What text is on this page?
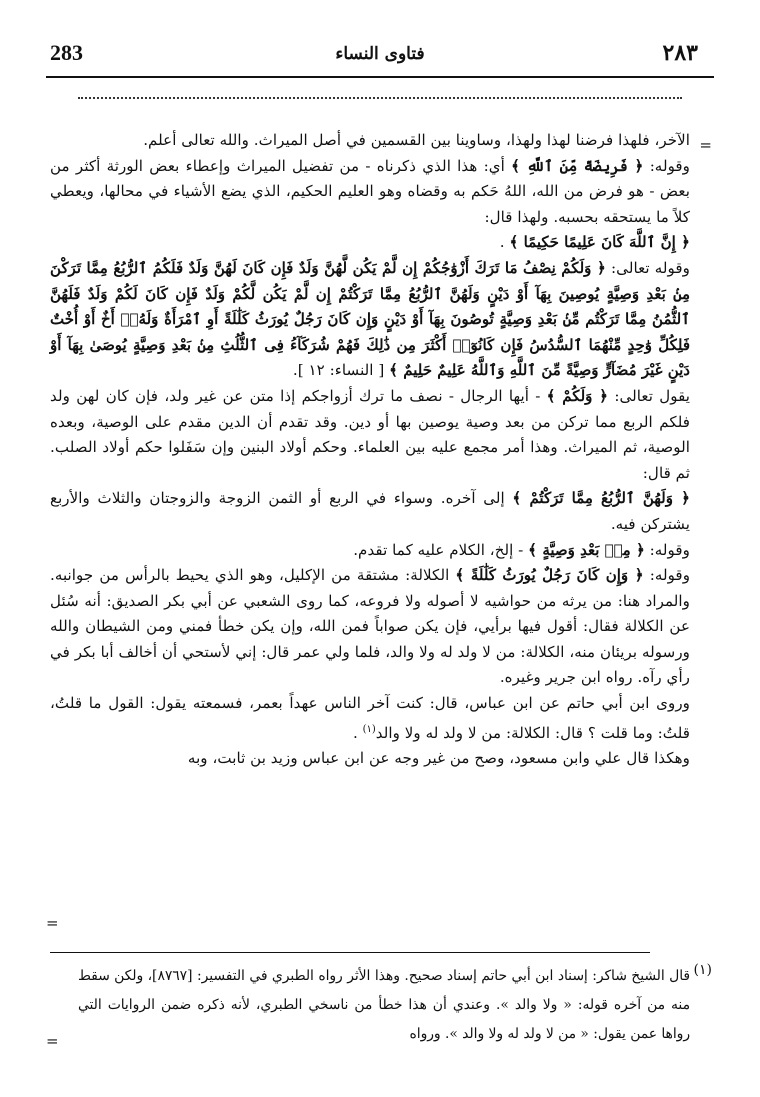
283	فتاوى النساء	٢٨٣
=

الآخر، فلهذا فرضنا لهذا ولهذا، وساوينا بين القسمين في أصل الميراث. والله تعالى أعلم.

وقوله: ﴿ فَرِيضَةً مِّنَ ٱللَّهِ ﴾ أي: هذا الذي ذكرناه - من تفضيل الميراث وإعطاء بعض الورثة أكثر من بعض - هو فرض من الله، اللهُ حَكم به وقضاه وهو العليم الحكيم، الذي يضع الأشياء في محالها، ويعطي كلاً ما يستحقه بحسبه. ولهذا قال:

﴿ إِنَّ ٱللَّهَ كَانَ عَلِيمًا حَكِيمًا ﴾ .

وقوله تعالى: ﴿ وَلَكُمْ نِصْفُ مَا تَرَكَ أَزْوَٰجُكُمْ إِن لَّمْ يَكُن لَّهُنَّ وَلَدٌ فَإِن كَانَ لَهُنَّ وَلَدٌ فَلَكُمُ ٱلرُّبُعُ مِمَّا تَرَكْنَ مِنۢ بَعْدِ وَصِيَّةٍ يُوصِينَ بِهَآ أَوْ دَيْنٍ وَلَهُنَّ ٱلرُّبُعُ مِمَّا تَرَكْتُمْ إِن لَّمْ يَكُن لَّكُمْ وَلَدٌ فَإِن كَانَ لَكُمْ وَلَدٌ فَلَهُنَّ ٱلثُّمُنُ مِمَّا تَرَكْتُم مِّنۢ بَعْدِ وَصِيَّةٍ تُوصُونَ بِهَآ أَوْ دَيْنٍ وَإِن كَانَ رَجُلٌ يُورَثُ كَلَٰلَةً أَوِ ٱمْرَأَةٌ وَلَهُۥٓ أَخٌ أَوْ أُخْتٌ فَلِكُلِّ وَٰحِدٍ مِّنْهُمَا ٱلسُّدُسُ فَإِن كَانُوٓا۟ أَكْثَرَ مِن ذَٰلِكَ فَهُمْ شُرَكَآءُ فِى ٱلثُّلُثِ مِنۢ بَعْدِ وَصِيَّةٍ يُوصَىٰ بِهَآ أَوْ دَيْنٍ غَيْرَ مُضَآرٍّ وَصِيَّةً مِّنَ ٱللَّهِ وَٱللَّهُ عَلِيمٌ حَلِيمٌ ﴾ [ النساء: ١٢ ].

يقول تعالى: ﴿ وَلَكُمْ ﴾ - أيها الرجال - نصف ما ترك أزواجكم إذا متن عن غير ولد، فإن كان لهن ولد فلكم الربع مما تركن من بعد وصية يوصين بها أو دين. وقد تقدم أن الدين مقدم على الوصية، وبعده الوصية، ثم الميراث. وهذا أمر مجمع عليه بين العلماء. وحكم أولاد البنين وإن سَفَلوا حكم أولاد الصلب. ثم قال:

﴿ وَلَهُنَّ ٱلرُّبُعُ مِمَّا تَرَكْتُمْ ﴾ إلى آخره. وسواء في الربع أو الثمن الزوجة والزوجتان والثلاث والأربع يشتركن فيه.

وقوله: ﴿ مِنۢ بَعْدِ وَصِيَّةٍ ﴾ - إلخ، الكلام عليه كما تقدم.

وقوله: ﴿ وَإِن كَانَ رَجُلٌ يُورَثُ كَلَٰلَةً ﴾ الكلالة: مشتقة من الإكليل، وهو الذي يحيط بالرأس من جوانبه. والمراد هنا: من يرثه من حواشيه لا أصوله ولا فروعه، كما روى الشعبي عن أبي بكر الصديق: أنه سُئل عن الكلالة فقال: أقول فيها برأيي، فإن يكن صواباً فمن الله، وإن يكن خطأ فمني ومن الشيطان والله ورسوله بريئان منه، الكلالة: من لا ولد له ولا والد، فلما ولي عمر قال: إني لأستحي أن أخالف أبا بكر في رأي رآه. رواه ابن جرير وغيره.

وروى ابن أبي حاتم عن ابن عباس، قال: كنت آخر الناس عهداً بعمر، فسمعته يقول: القول ما قلتُ، قلتُ: وما قلت ؟ قال: الكلالة: من لا ولد له ولا والد$^{(١)}$ .

وهكذا قال علي وابن مسعود، وصح من غير وجه عن ابن عباس وزيد بن ثابت، وبه

=
(١)
قال الشيخ شاكر: إسناد ابن أبي حاتم إسناد صحيح. وهذا الأثر رواه الطبري في التفسير: [٨٧٦٧]، ولكن سقط منه من آخره قوله: « ولا والد ». وعندي أن هذا خطأ من ناسخي الطبري، لأنه ذكره ضمن الروايات التي رواها عمن يقول: « من لا ولد له ولا والد ». ورواه
=
